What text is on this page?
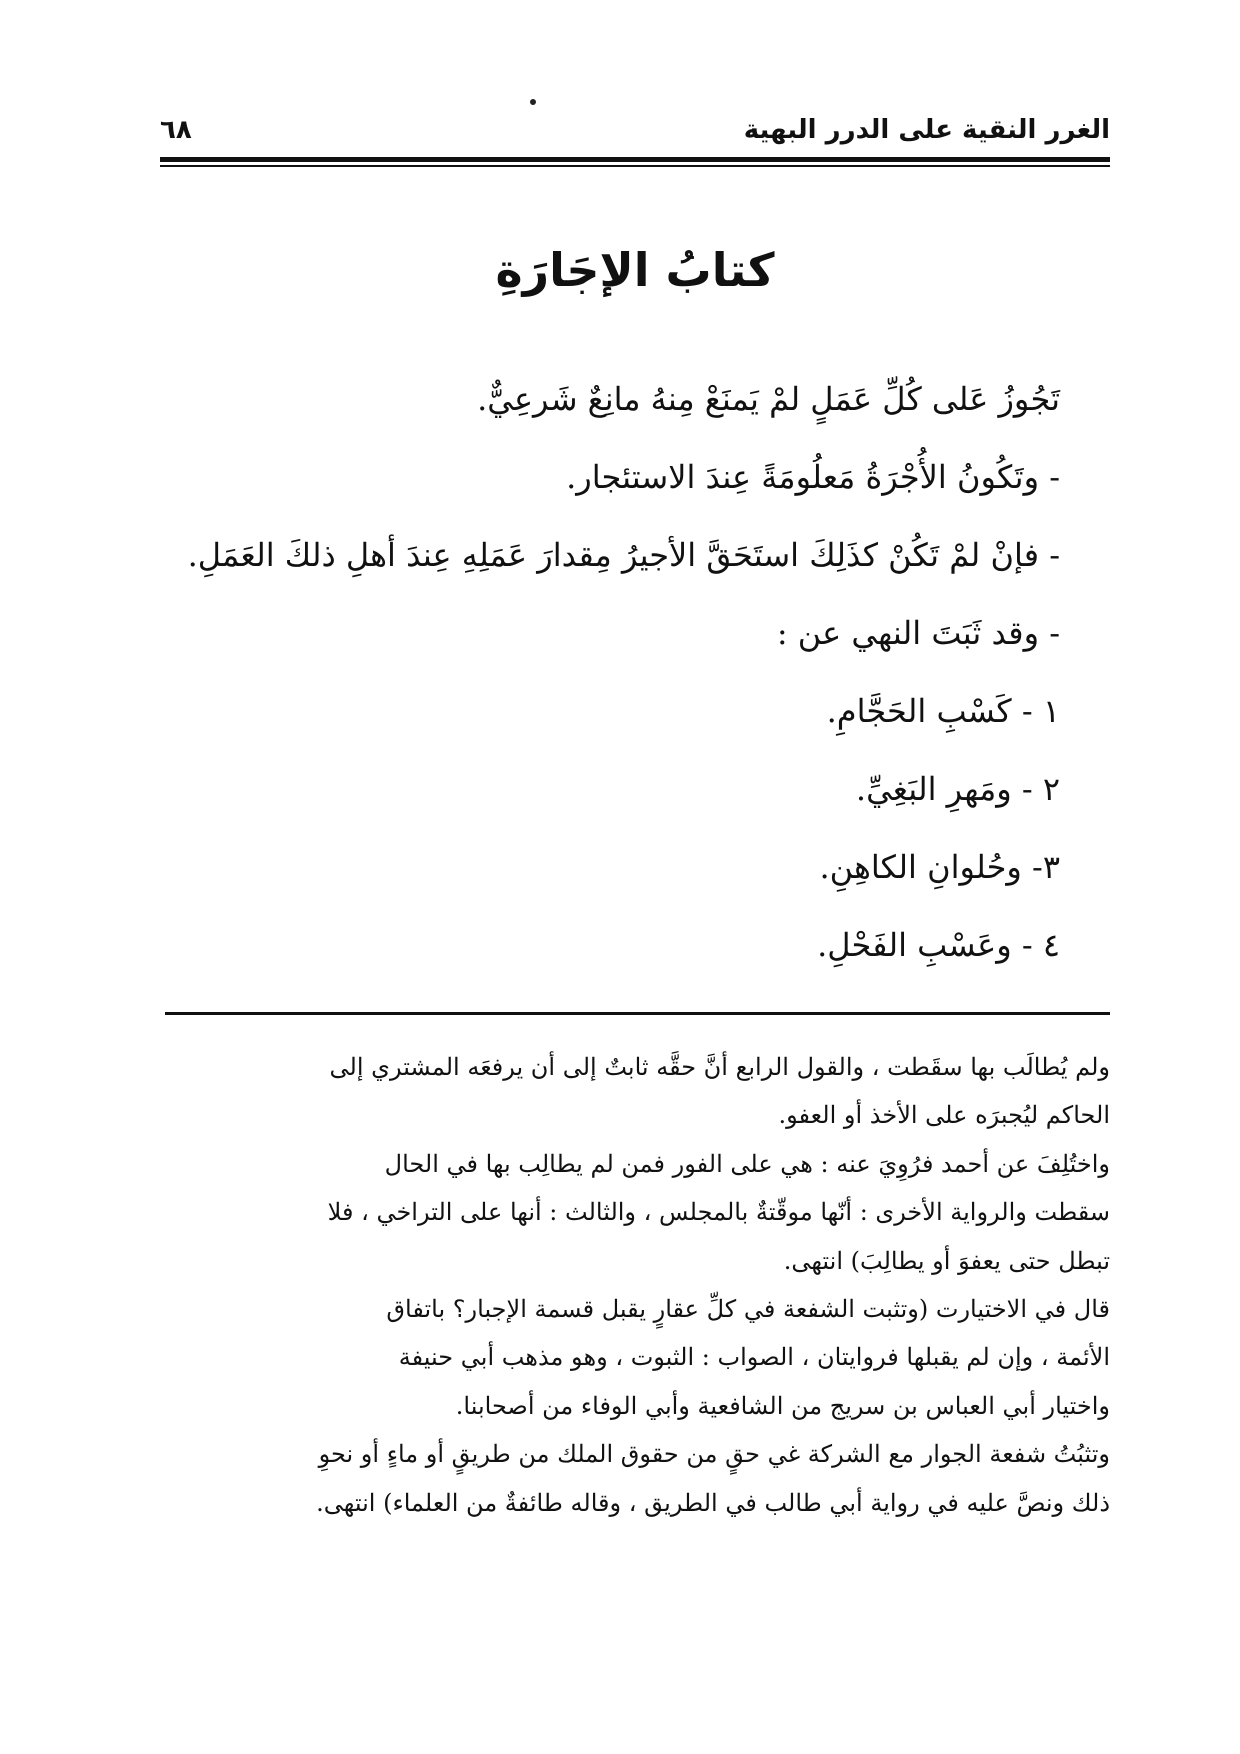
الغرر النقية على الدرر البهية
٦٨
كتابُ الإجَارَةِ
تَجُوزُ عَلى كُلِّ عَمَلٍ لمْ يَمنَعْ مِنهُ مانِعٌ شَرعِيٌّ.
- وتَكُونُ الأُجْرَةُ مَعلُومَةً عِندَ الاستئجار.
- فإنْ لمْ تَكُنْ كذَلِكَ استَحَقَّ الأجيرُ مِقدارَ عَمَلِهِ عِندَ أهلِ ذلكَ العَمَلِ.
- وقد ثَبَتَ النهي عن :
١ - كَسْبِ الحَجَّامِ.
٢ - ومَهرِ البَغِيِّ.
٣- وحُلوانِ الكاهِنِ.
٤ - وعَسْبِ الفَحْلِ.
ولم يُطالَب بها سقَطت ، والقول الرابع أنَّ حقَّه ثابتٌ إلى أن يرفعَه المشتري إلى
الحاكم ليُجبرَه على الأخذ أو العفو.
واختُلِفَ عن أحمد فرُوِيَ عنه : هي على الفور فمن لم يطالِب بها في الحال
سقطت والرواية الأخرى : أنّها موقّتةٌ بالمجلس ، والثالث : أنها على التراخي ، فلا
تبطل حتى يعفوَ أو يطالِبَ) انتهى.
قال في الاختيارت (وتثبت الشفعة في كلِّ عقارٍ يقبل قسمة الإجبار؟ باتفاق
الأئمة ، وإن لم يقبلها فروايتان ، الصواب : الثبوت ، وهو مذهب أبي حنيفة
واختيار أبي العباس بن سريج من الشافعية وأبي الوفاء من أصحابنا.
وتثبُتُ شفعة الجوار مع الشركة غي حقٍ من حقوق الملك من طريقٍ أو ماءٍ أو نحوِ
ذلك ونصَّ عليه في رواية أبي طالب في الطريق ، وقاله طائفةٌ من العلماء) انتهى.
